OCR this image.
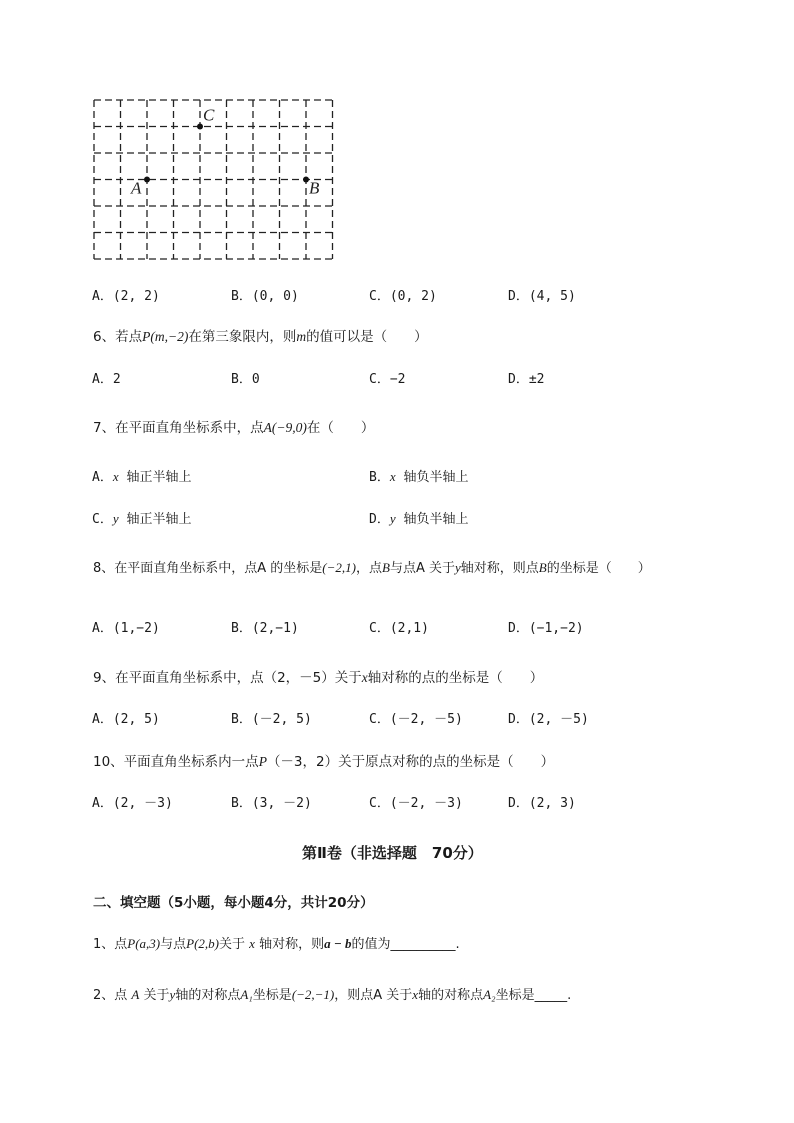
C
A	B
A．(2, 2)	B．(0, 0)	C．(0, 2)	D．(4, 5)
6、若点P(m,−2)在第三象限内，则m的值可以是（　　）
A．2	B．0	C．−2	D．±2
7、在平面直角坐标系中，点A(−9,0)在（　　）
A．x 轴正半轴上	B．x 轴负半轴上
C．y 轴正半轴上	D．y 轴负半轴上
8、在平面直角坐标系中，点A 的坐标是(−2,1)，点B与点A 关于y轴对称，则点B的坐标是（　　）
A．(1,−2)	B．(2,−1)	C．(2,1)	D．(−1,−2)
9、在平面直角坐标系中，点（2，－5）关于x轴对称的点的坐标是（　　）
A．(2, 5)	B．(－2, 5)	C．(－2, －5)	D．(2, －5)
10、平面直角坐标系内一点P（－3，2）关于原点对称的点的坐标是（　　）
A．(2, －3)	B．(3, －2)	C．(－2, －3)	D．(2, 3)
第Ⅱ卷（非选择题　70分）
二、填空题（5小题，每小题4分，共计20分）
1、点P(a,3)与点P(2,b)关于 x 轴对称，则a − b的值为__________.
2、点 A 关于y轴的对称点A₁坐标是(−2,−1)，则点A 关于x轴的对称点A₂坐标是_____.
